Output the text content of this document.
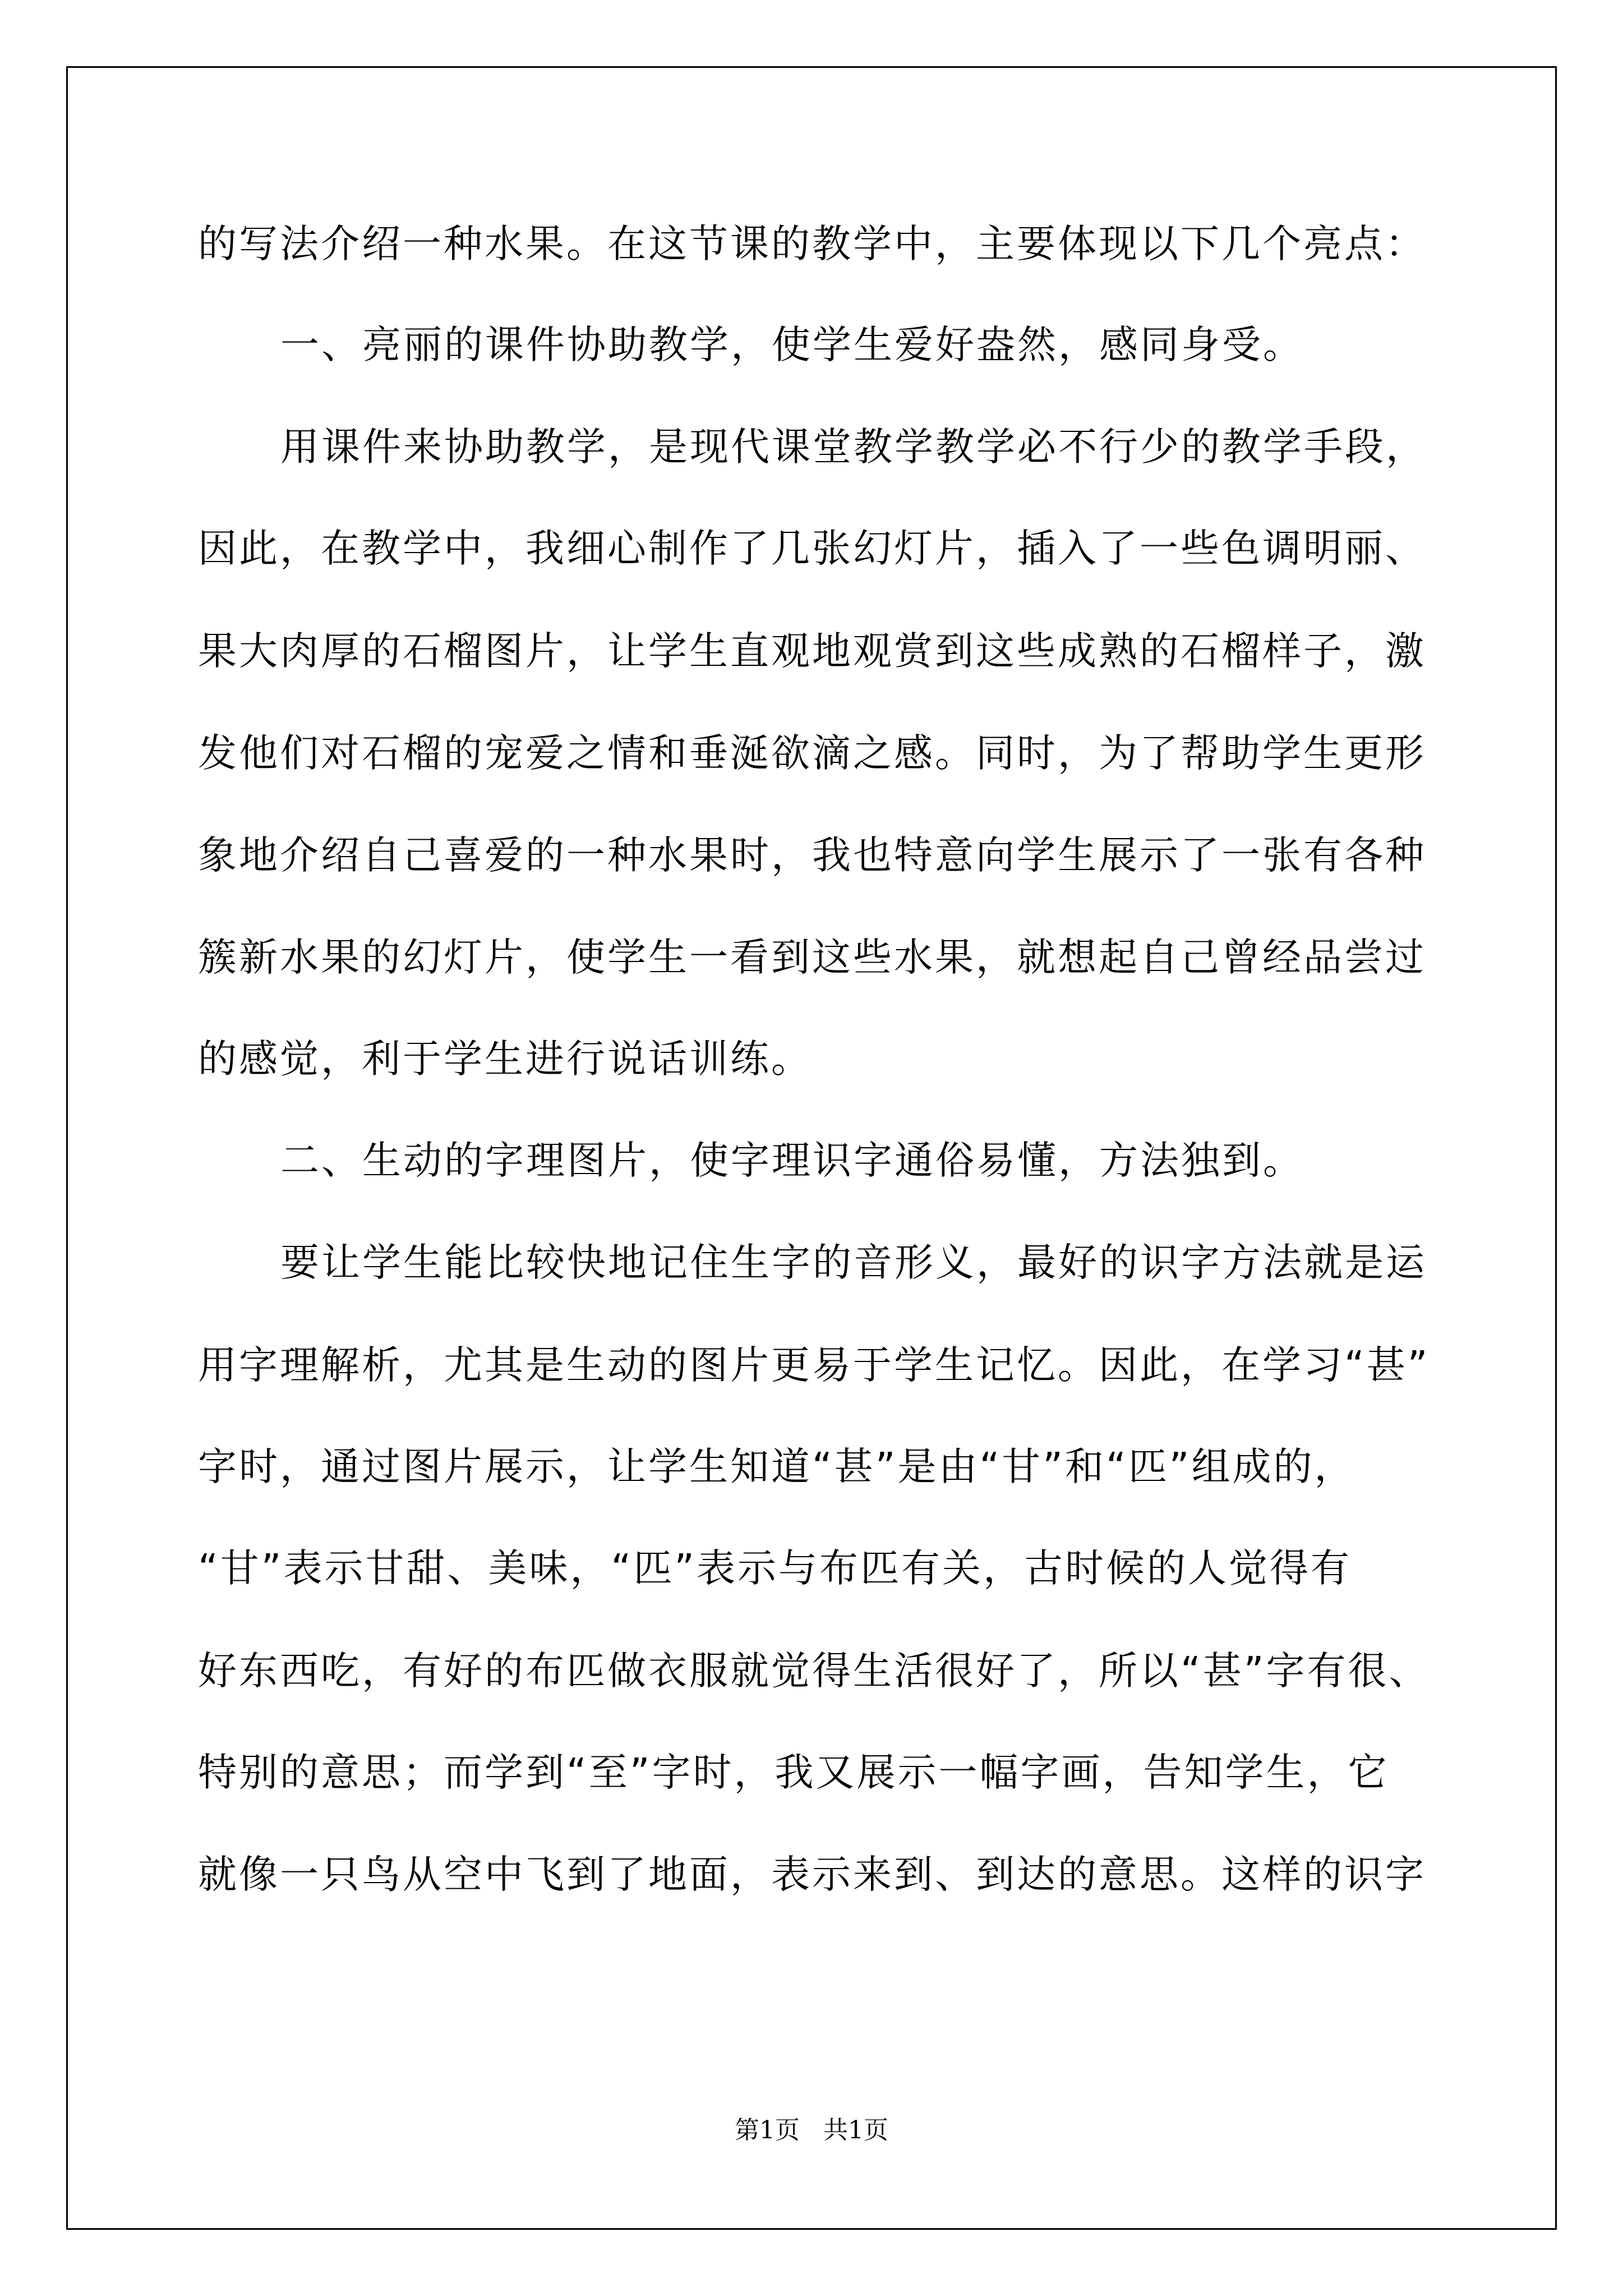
的写法介绍一种水果。在这节课的教学中，主要体现以下几个亮点：
一、亮丽的课件协助教学，使学生爱好盎然，感同身受。
用课件来协助教学，是现代课堂教学教学必不行少的教学手段，
因此，在教学中，我细心制作了几张幻灯片，插入了一些色调明丽、
果大肉厚的石榴图片，让学生直观地观赏到这些成熟的石榴样子，激
发他们对石榴的宠爱之情和垂涎欲滴之感。同时，为了帮助学生更形
象地介绍自己喜爱的一种水果时，我也特意向学生展示了一张有各种
簇新水果的幻灯片，使学生一看到这些水果，就想起自己曾经品尝过
的感觉，利于学生进行说话训练。
二、生动的字理图片，使字理识字通俗易懂，方法独到。
要让学生能比较快地记住生字的音形义，最好的识字方法就是运
用字理解析，尤其是生动的图片更易于学生记忆。因此，在学习“甚”
字时，通过图片展示，让学生知道“甚”是由“甘”和“匹”组成的，
“甘”表示甘甜、美味，“匹”表示与布匹有关，古时候的人觉得有
好东西吃，有好的布匹做衣服就觉得生活很好了，所以“甚”字有很、
特别的意思；而学到“至”字时，我又展示一幅字画，告知学生，它
就像一只鸟从空中飞到了地面，表示来到、到达的意思。这样的识字
第1页   共1页
